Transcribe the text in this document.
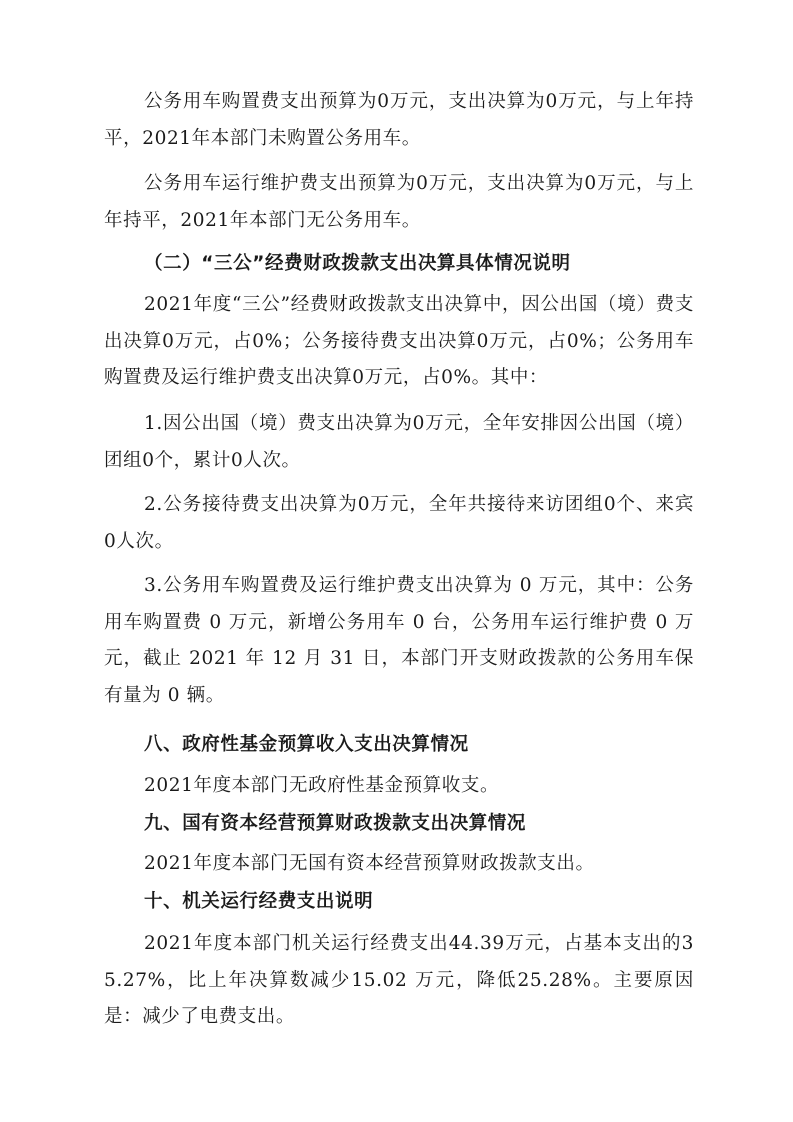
公务用车购置费支出预算为0万元，支出决算为0万元，与上年持平，2021年本部门未购置公务用车。

公务用车运行维护费支出预算为0万元，支出决算为0万元，与上年持平，2021年本部门无公务用车。

（二）“三公”经费财政拨款支出决算具体情况说明

2021年度“三公”经费财政拨款支出决算中，因公出国（境）费支出决算0万元，占0%；公务接待费支出决算0万元，占0%；公务用车购置费及运行维护费支出决算0万元，占0%。其中：

1.因公出国（境）费支出决算为0万元，全年安排因公出国（境）团组0个，累计0人次。

2.公务接待费支出决算为0万元，全年共接待来访团组0个、来宾0人次。

3.公务用车购置费及运行维护费支出决算为 0 万元，其中：公务用车购置费 0 万元，新增公务用车 0 台，公务用车运行维护费 0 万元，截止 2021 年 12 月 31 日，本部门开支财政拨款的公务用车保有量为 0 辆。

八、政府性基金预算收入支出决算情况

2021年度本部门无政府性基金预算收支。

九、国有资本经营预算财政拨款支出决算情况

2021年度本部门无国有资本经营预算财政拨款支出。

十、机关运行经费支出说明

2021年度本部门机关运行经费支出44.39万元，占基本支出的35.27%，比上年决算数减少15.02 万元，降低25.28%。主要原因是：减少了电费支出。
